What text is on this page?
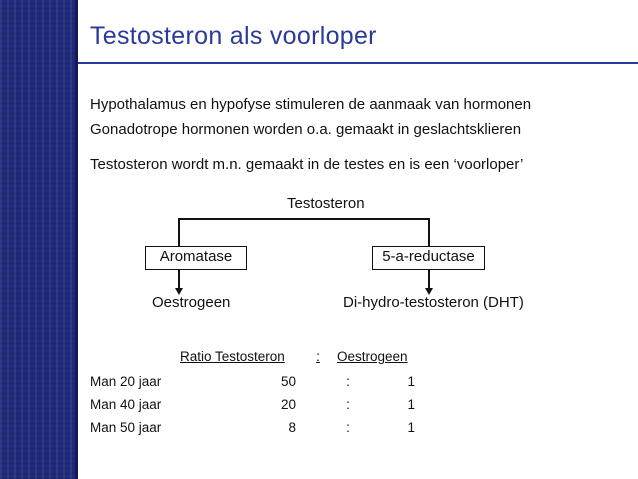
Testosteron als voorloper
Hypothalamus en hypofyse stimuleren de aanmaak van hormonen
Gonadotrope hormonen worden o.a. gemaakt in geslachtsklieren
Testosteron wordt m.n. gemaakt in de testes en is een ‘voorloper’
Testosteron
Aromatase	5-a-reductase
Oestrogeen	Di-hydro-testosteron (DHT)
Ratio Testosteron	:	Oestrogeen
Man 20 jaar	50	:	1
Man 40 jaar	20	:	1
Man 50 jaar	8	:	1
